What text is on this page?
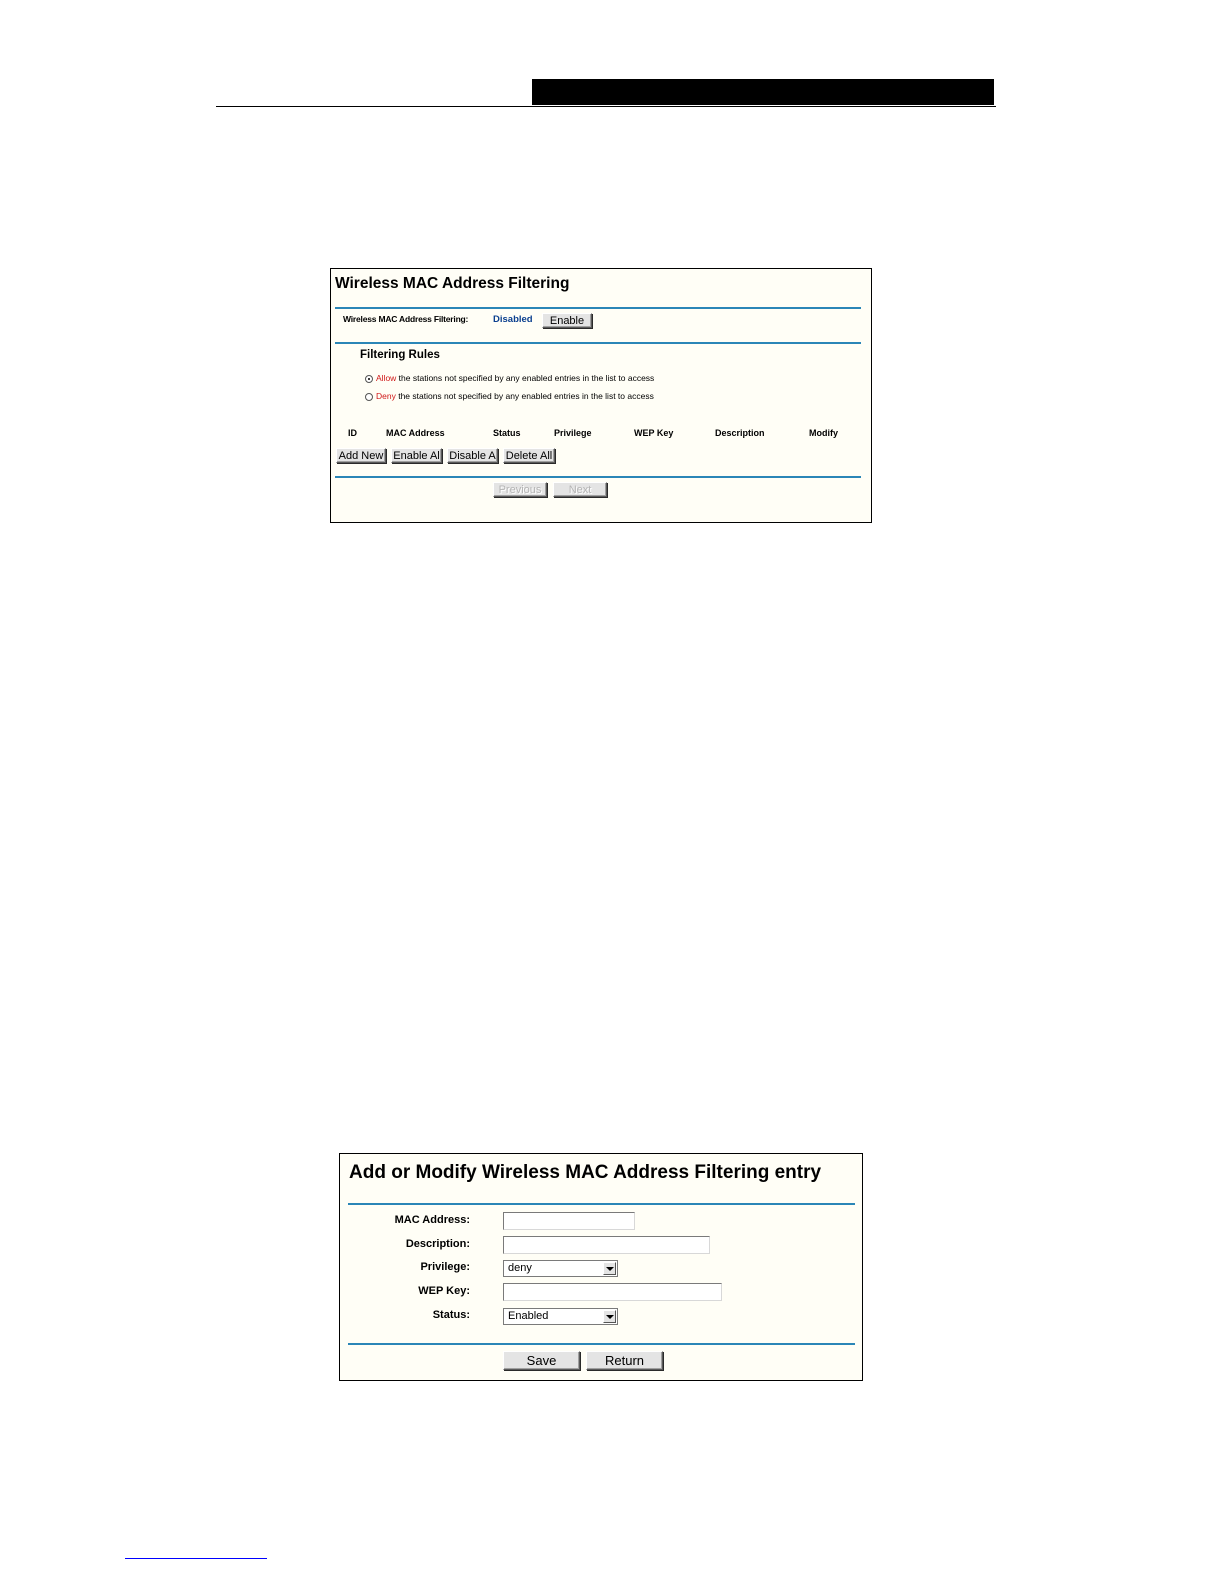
Wireless MAC Address Filtering
Wireless MAC Address Filtering:	Disabled	Enable
Filtering Rules
Allow the stations not specified by any enabled entries in the list to access
Deny the stations not specified by any enabled entries in the list to access
ID	MAC Address	Status	Privilege	WEP Key	Description	Modify
Add New Enable Al Disable A Delete All
Previous	Next
Add or Modify Wireless MAC Address Filtering entry
MAC Address:
Description:
Privilege:	deny
WEP Key:
Status:	Enabled
Save	Return
